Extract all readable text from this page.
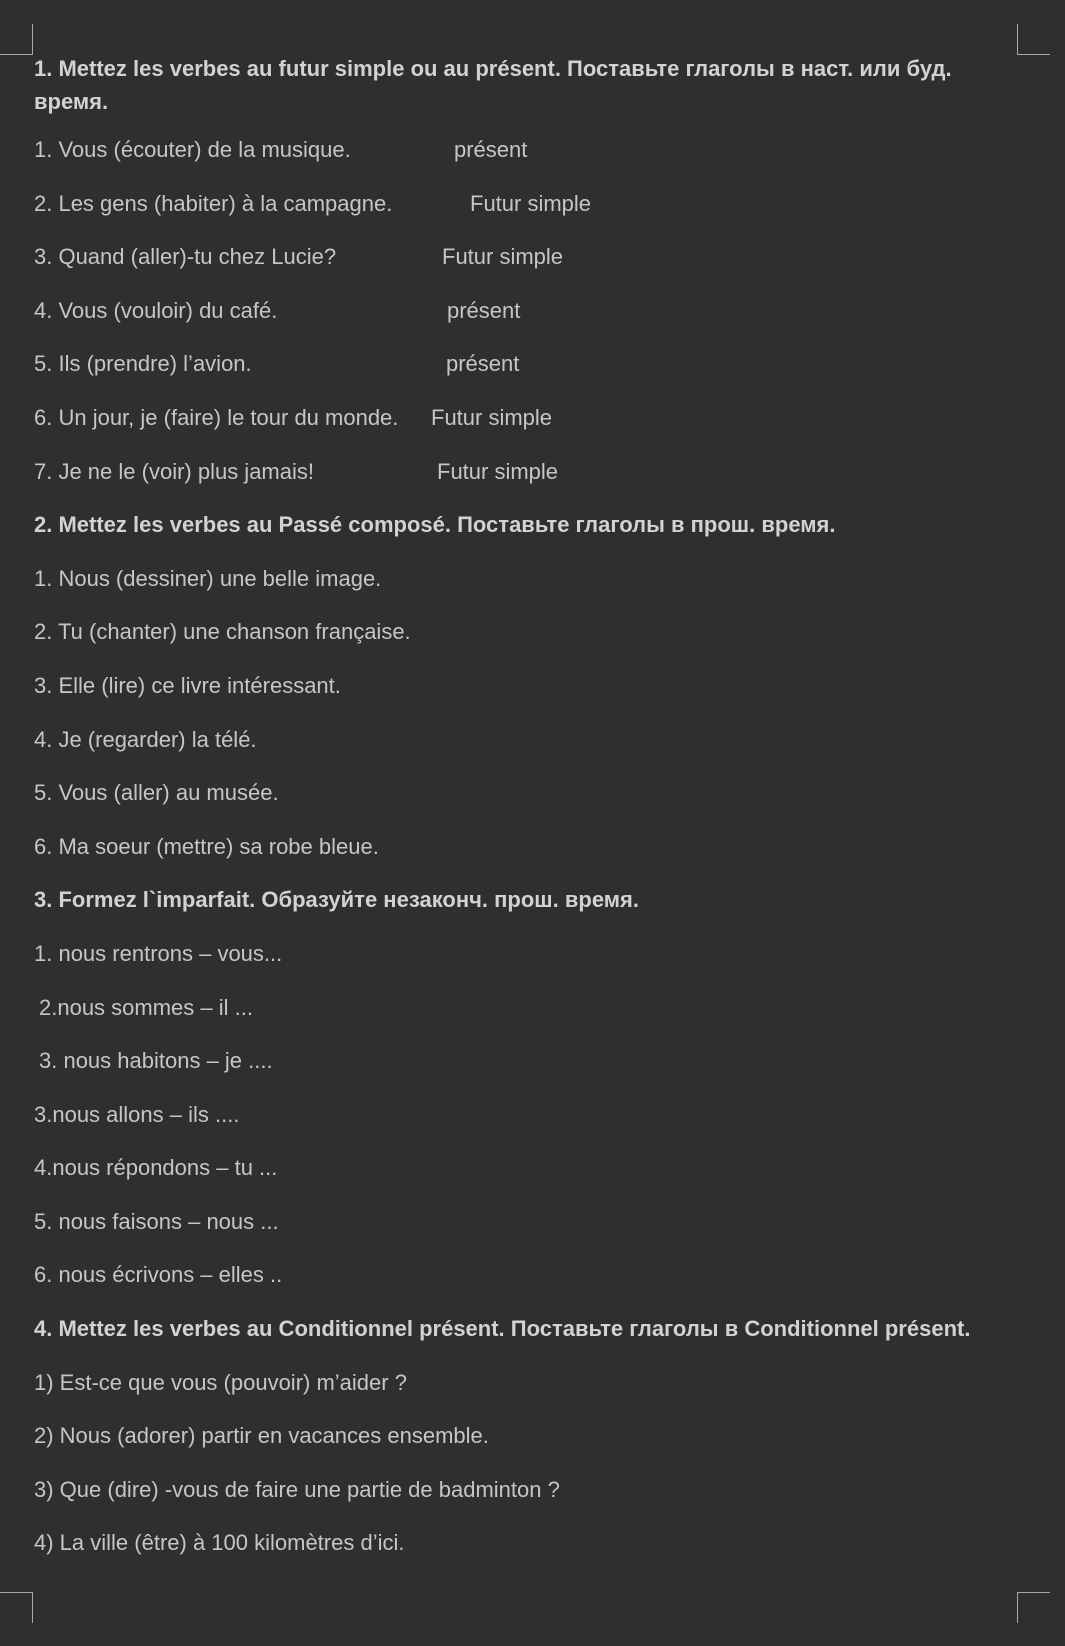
1. Mettez les verbes au futur simple ou au présent. Поставьте глаголы в наст. или буд. время.
1. Vous (écouter) de la musique.	présent
2. Les gens (habiter) à la campagne.	Futur simple
3. Quand (aller)-tu chez Lucie?	Futur simple
4. Vous (vouloir) du café.	présent
5. Ils (prendre) l’avion.	présent
6. Un jour, je (faire) le tour du monde. Futur simple
7. Je ne le (voir) plus jamais!	Futur simple
2. Mettez les verbes au Passé composé. Поставьте глаголы в прош. время.
1. Nous (dessiner) une belle image.
2. Tu (chanter) une chanson française.
3. Elle (lire) ce livre intéressant.
4. Je (regarder) la télé.
5. Vous (aller) au musée.
6. Ma soeur (mettre) sa robe bleue.
3. Formez l`imparfait. Образуйте незаконч. прош. время.
1. nous rentrons – vous...
2.nous sommes – il ...
3. nous habitons – je ....
3.nous allons – ils ....
4.nous répondons – tu ...
5. nous faisons – nous ...
6. nous écrivons – elles ..
4. Mettez les verbes au Conditionnel présent. Поставьте глаголы в Conditionnel présent.
1) Est-ce que vous (pouvoir) m’aider ?
2) Nous (adorer) partir en vacances ensemble.
3) Que (dire) -vous de faire une partie de badminton ?
4) La ville (être) à 100 kilomètres d’ici.
